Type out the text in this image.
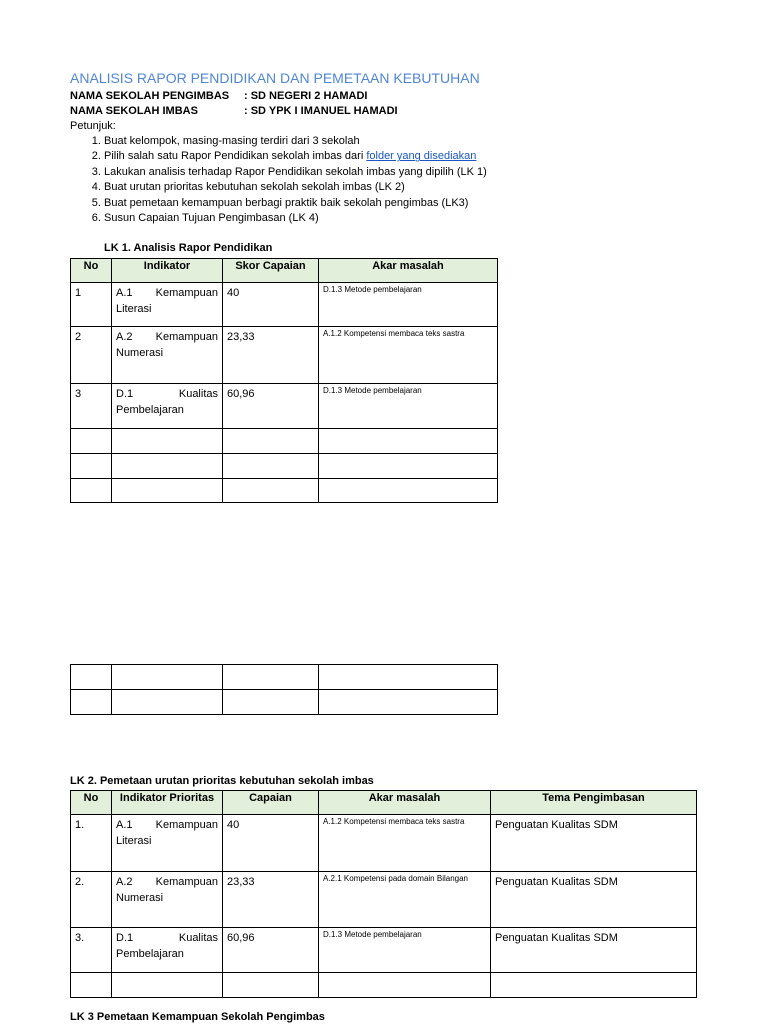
ANALISIS RAPOR PENDIDIKAN DAN PEMETAAN KEBUTUHAN
NAMA SEKOLAH PENGIMBAS : SD NEGERI 2 HAMADI
NAMA SEKOLAH IMBAS	: SD YPK I IMANUEL HAMADI
Petunjuk:
1. Buat kelompok, masing-masing terdiri dari 3 sekolah
2. Pilih salah satu Rapor Pendidikan sekolah imbas dari folder yang disediakan
3. Lakukan analisis terhadap Rapor Pendidikan sekolah imbas yang dipilih (LK 1)
4. Buat urutan prioritas kebutuhan sekolah sekolah imbas (LK 2)
5. Buat pemetaan kemampuan berbagi praktik baik sekolah pengimbas (LK3)
6. Susun Capaian Tujuan Pengimbasan (LK 4)
LK 1. Analisis Rapor Pendidikan
No	Indikator	Skor Capaian	Akar masalah
1	A.1 Kemampuan Literasi	40	D.1.3 Metode pembelajaran
2	A.2 Kemampuan Numerasi	23,33	A.1.2 Kompetensi membaca teks sastra
3	D.1 Kualitas Pembelajaran	60,96	D.1.3 Metode pembelajaran

LK 2. Pemetaan urutan prioritas kebutuhan sekolah imbas
No	Indikator Prioritas	Capaian	Akar masalah	Tema Pengimbasan
1.	A.1 Kemampuan Literasi	40	A.1.2 Kompetensi membaca teks sastra	Penguatan Kualitas SDM
2.	A.2 Kemampuan Numerasi	23,33	A.2.1 Kompetensi pada domain Bilangan	Penguatan Kualitas SDM
3.	D.1 Kualitas Pembelajaran	60,96	D.1.3 Metode pembelajaran	Penguatan Kualitas SDM

LK 3 Pemetaan Kemampuan Sekolah Pengimbas
